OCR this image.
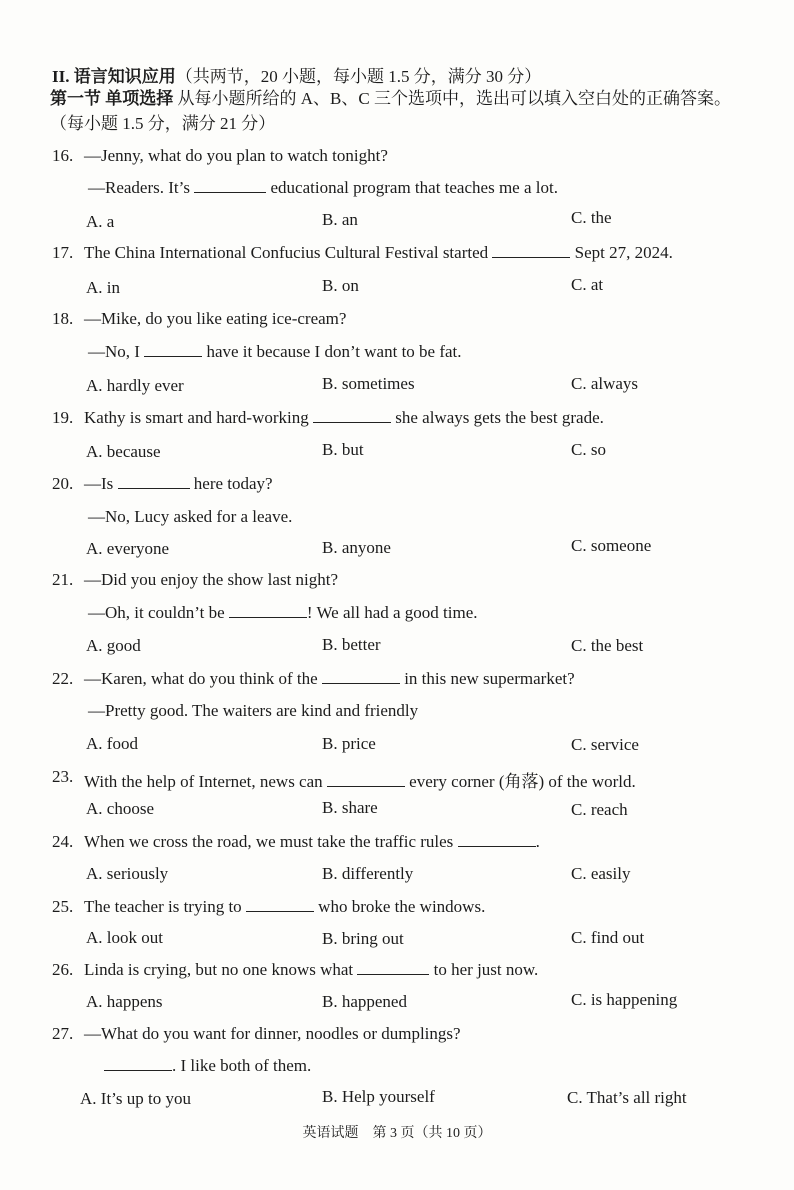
II. 语言知识应用（共两节，20 小题，每小题 1.5 分，满分 30 分）
第一节 单项选择 从每小题所给的 A、B、C 三个选项中，选出可以填入空白处的正确答案。（每小题 1.5 分，满分 21 分）
16. —Jenny, what do you plan to watch tonight?
—Readers. It’s	educational program that teaches me a lot.
A. a	B. an	C. the
17. The China International Confucius Cultural Festival started	Sept 27, 2024.
A. in	B. on	C. at
18. —Mike, do you like eating ice-cream?
—No, I	have it because I don’t want to be fat.
A. hardly ever	B. sometimes	C. always
19. Kathy is smart and hard-working	she always gets the best grade.
A. because	B. but	C. so
20. —Is	here today?
—No, Lucy asked for a leave.
A. everyone	B. anyone	C. someone
21. —Did you enjoy the show last night?
—Oh, it couldn’t be	! We all had a good time.
A. good	B. better	C. the best
22. —Karen, what do you think of the	in this new supermarket?
—Pretty good. The waiters are kind and friendly
A. food	B. price	C. service
23. With the help of Internet, news can	every corner (角落) of the world.
A. choose	B. share	C. reach
24. When we cross the road, we must take the traffic rules	.
A. seriously	B. differently	C. easily
25. The teacher is trying to	who broke the windows.
A. look out	B. bring out	C. find out
26. Linda is crying, but no one knows what	to her just now.
A. happens	B. happened	C. is happening
27. —What do you want for dinner, noodles or dumplings?
. I like both of them.
A. It’s up to you	B. Help yourself	C. That’s all right
英语试题　第 3 页（共 10 页）
